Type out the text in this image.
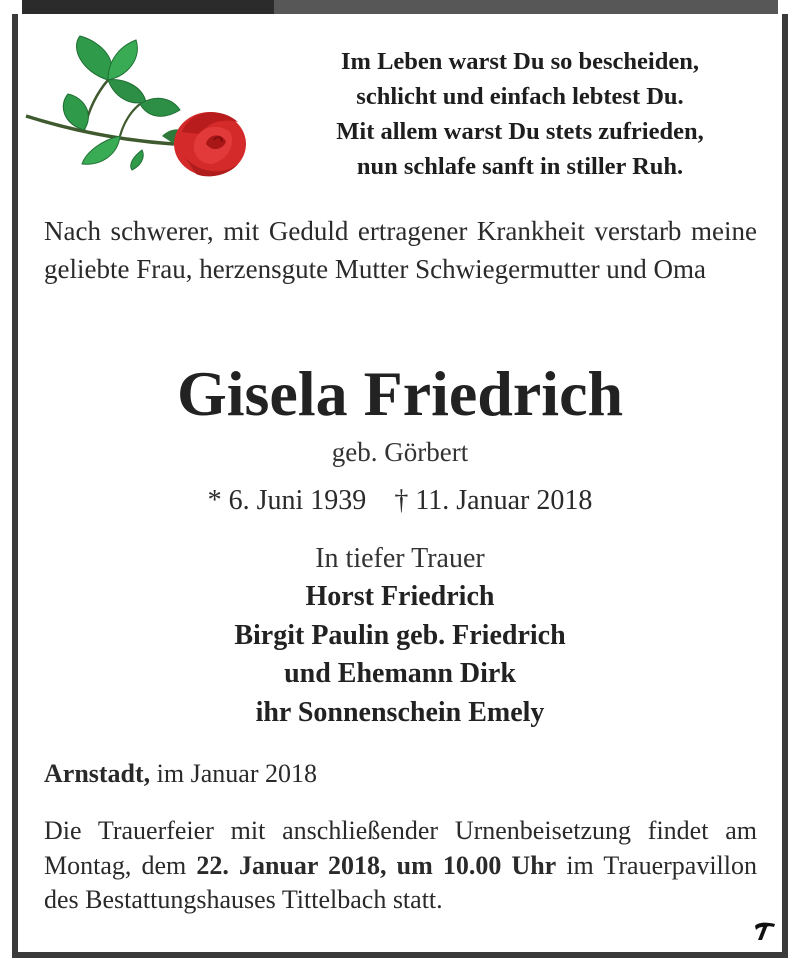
Im Leben warst Du so bescheiden,
schlicht und einfach lebtest Du.
Mit allem warst Du stets zufrieden,
nun schlafe sanft in stiller Ruh.
Nach schwerer, mit Geduld ertragener Krankheit verstarb meine geliebte Frau, herzensgute Mutter Schwiegermutter und Oma
Gisela Friedrich
geb. Görbert
* 6. Juni 1939 † 11. Januar 2018
In tiefer Trauer
Horst Friedrich
Birgit Paulin geb. Friedrich
und Ehemann Dirk
ihr Sonnenschein Emely
Arnstadt, im Januar 2018
Die Trauerfeier mit anschließender Urnenbeisetzung findet am Montag, dem 22. Januar 2018, um 10.00 Uhr im Trauerpavillon des Bestattungshauses Tittelbach statt.
